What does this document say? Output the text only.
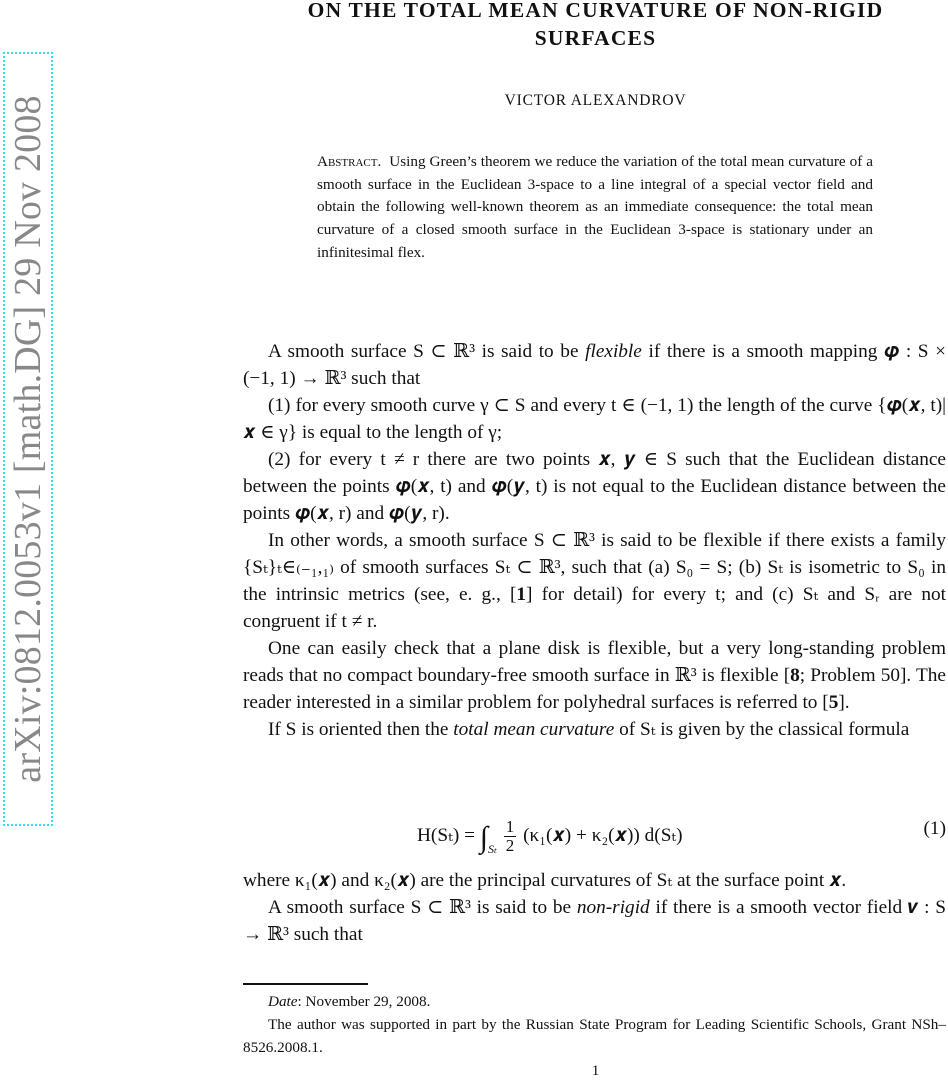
arXiv:0812.0053v1 [math.DG] 29 Nov 2008
ON THE TOTAL MEAN CURVATURE OF NON-RIGID
SURFACES
VICTOR ALEXANDROV
Abstract. Using Green’s theorem we reduce the variation of the total mean curvature of a smooth surface in the Euclidean 3-space to a line integral of a special vector field and obtain the following well-known theorem as an immediate consequence: the total mean curvature of a closed smooth surface in the Euclidean 3-space is stationary under an infinitesimal flex.

A smooth surface S ⊂ ℝ³ is said to be flexible if there is a smooth mapping 𝝋 : S × (−1, 1) → ℝ³ such that

(1) for every smooth curve γ ⊂ S and every t ∈ (−1, 1) the length of the curve {𝝋(𝒙, t)|𝒙 ∈ γ} is equal to the length of γ;

(2) for every t ≠ r there are two points 𝒙, 𝒚 ∈ S such that the Euclidean distance between the points 𝝋(𝒙, t) and 𝝋(𝒚, t) is not equal to the Euclidean distance between the points 𝝋(𝒙, r) and 𝝋(𝒚, r).

In other words, a smooth surface S ⊂ ℝ³ is said to be flexible if there exists a family {Sₜ}ₜ∈₍₋₁,₁₎ of smooth surfaces Sₜ ⊂ ℝ³, such that (a) S₀ = S; (b) Sₜ is isometric to S₀ in the intrinsic metrics (see, e. g., [1] for detail) for every t; and (c) Sₜ and Sᵣ are not congruent if t ≠ r.

One can easily check that a plane disk is flexible, but a very long-standing problem reads that no compact boundary-free smooth surface in ℝ³ is flexible [8; Problem 50]. The reader interested in a similar problem for polyhedral surfaces is referred to [5].

If S is oriented then the total mean curvature of Sₜ is given by the classical formula

$H(S_t) = \int_{S_t} \frac{1}{2}$ (κ₁(𝒙) + κ₂(𝒙)) d(Sₜ)	(1)

where κ₁(𝒙) and κ₂(𝒙) are the principal curvatures of Sₜ at the surface point 𝒙.

A smooth surface S ⊂ ℝ³ is said to be non-rigid if there is a smooth vector field 𝒗 : S → ℝ³ such that

Date: November 29, 2008.
The author was supported in part by the Russian State Program for Leading Scientific Schools, Grant NSh–8526.2008.1.
1
